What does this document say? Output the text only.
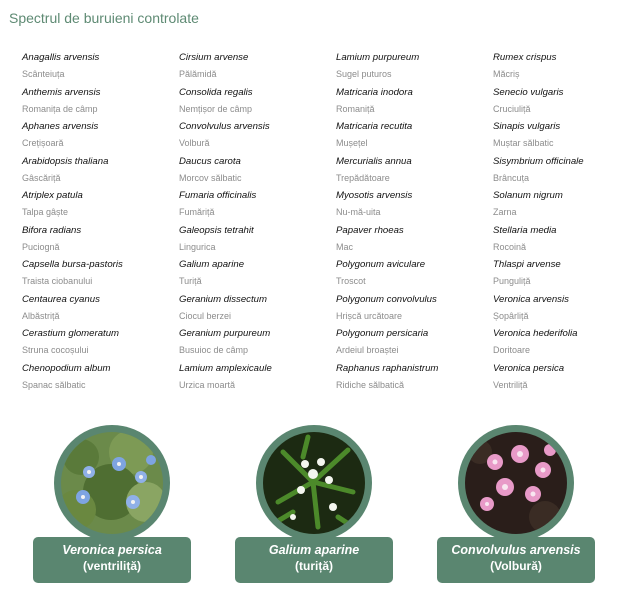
Spectrul de buruieni controlate
Anagallis arvensis
Scânteiuța
Anthemis arvensis
Romanița de câmp
Aphanes arvensis
Crețișoară
Arabidopsis thaliana
Gâscăriță
Atriplex patula
Talpa gâște
Bifora radians
Puciognă
Capsella bursa-pastoris
Traista ciobanului
Centaurea cyanus
Albăstriță
Cerastium glomeratum
Struna cocoșului
Chenopodium album
Spanac sălbatic
Cirsium arvense
Pălămidă
Consolida regalis
Nemțișor de câmp
Convolvulus arvensis
Volbură
Daucus carota
Morcov sălbatic
Fumaria officinalis
Fumăriță
Galeopsis tetrahit
Lingurica
Galium aparine
Turiță
Geranium dissectum
Ciocul berzei
Geranium purpureum
Busuioc de câmp
Lamium amplexicaule
Urzica moartă
Lamium purpureum
Sugel puturos
Matricaria inodora
Romaniță
Matricaria recutita
Mușețel
Mercurialis annua
Trepădătoare
Myosotis arvensis
Nu-mă-uita
Papaver rhoeas
Mac
Polygonum aviculare
Troscot
Polygonum convolvulus
Hrișcă urcătoare
Polygonum persicaria
Ardeiul broaștei
Raphanus raphanistrum
Ridiche sălbatică
Rumex crispus
Măcriș
Senecio vulgaris
Cruciuliță
Sinapis vulgaris
Muștar sălbatic
Sisymbrium officinale
Brâncuța
Solanum nigrum
Zarna
Stellaria media
Rocoină
Thlaspi arvense
Punguliță
Veronica arvensis
Șopârliță
Veronica hederifolia
Doritoare
Veronica persica
Ventriliță
Veronica persica
(ventriliță)
Galium aparine
(turiță)
Convolvulus arvensis
(Volbură)
